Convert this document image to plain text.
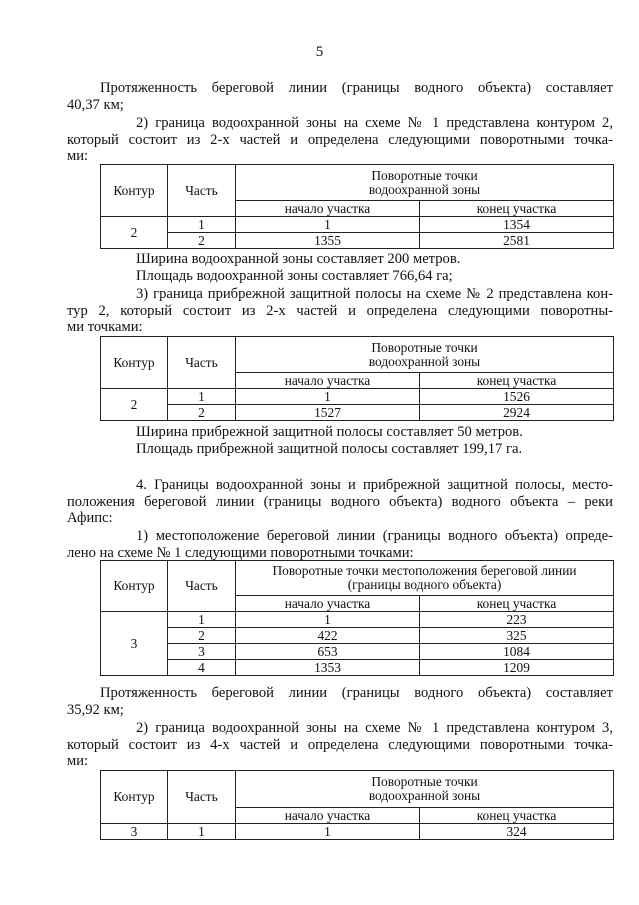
5
Протяженность береговой линии (границы водного объекта) составляет
40,37 км;
2) граница водоохранной зоны на схеме № 1 представлена контуром 2,
который состоит из 2-х частей и определена следующими поворотными точка-
ми:
Контур	Часть	Поворотные точки
водоохранной зоны	

		начало участка	конец участка
2	1	1	1354
	2	1355	2581
Ширина водоохранной зоны составляет 200 метров.
Площадь водоохранной зоны составляет 766,64 га;
3) граница прибрежной защитной полосы на схеме № 2 представлена кон-
тур 2, который состоит из 2-х частей и определена следующими поворотны-
ми точками:
Контур	Часть	Поворотные точки
водоохранной зоны	

		начало участка	конец участка
2	1	1	1526
	2	1527	2924
Ширина прибрежной защитной полосы составляет 50 метров.
Площадь прибрежной защитной полосы составляет 199,17 га.
4. Границы водоохранной зоны и прибрежной защитной полосы, место-
положения береговой линии (границы водного объекта) водного объекта – реки
Афипс:
1) местоположение береговой линии (границы водного объекта) опреде-
лено на схеме № 1 следующими поворотными точками:
Контур	Часть	Поворотные точки местоположения береговой линии
(границы водного объекта)	

		начало участка	конец участка
3	1	1	223
	2	422	325
	3	653	1084
	4	1353	1209
Протяженность береговой линии (границы водного объекта) составляет
35,92 км;
2) граница водоохранной зоны на схеме № 1 представлена контуром 3,
который состоит из 4-х частей и определена следующими поворотными точка-
ми:
Контур	Часть	Поворотные точки
водоохранной зоны	

		начало участка	конец участка
3	1	1	324
